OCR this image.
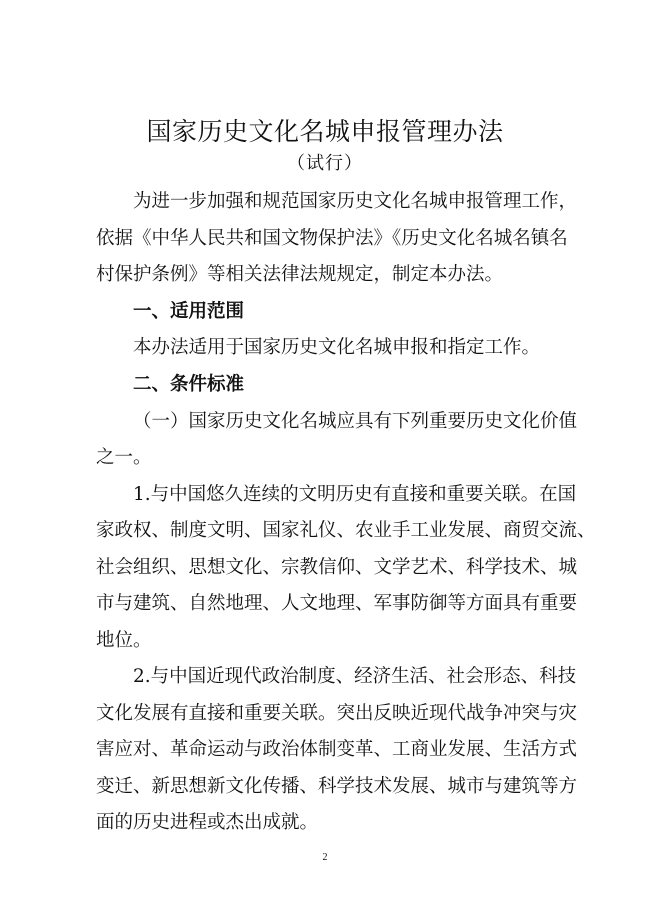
国家历史文化名城申报管理办法
（试行）

为进一步加强和规范国家历史文化名城申报管理工作，

依据《中华人民共和国文物保护法》《历史文化名城名镇名

村保护条例》等相关法律法规规定，制定本办法。

一、适用范围

本办法适用于国家历史文化名城申报和指定工作。

二、条件标准

（一）国家历史文化名城应具有下列重要历史文化价值

之一。

1.与中国悠久连续的文明历史有直接和重要关联。在国

家政权、制度文明、国家礼仪、农业手工业发展、商贸交流、

社会组织、思想文化、宗教信仰、文学艺术、科学技术、城

市与建筑、自然地理、人文地理、军事防御等方面具有重要

地位。

2.与中国近现代政治制度、经济生活、社会形态、科技

文化发展有直接和重要关联。突出反映近现代战争冲突与灾

害应对、革命运动与政治体制变革、工商业发展、生活方式

变迁、新思想新文化传播、科学技术发展、城市与建筑等方

面的历史进程或杰出成就。

2
